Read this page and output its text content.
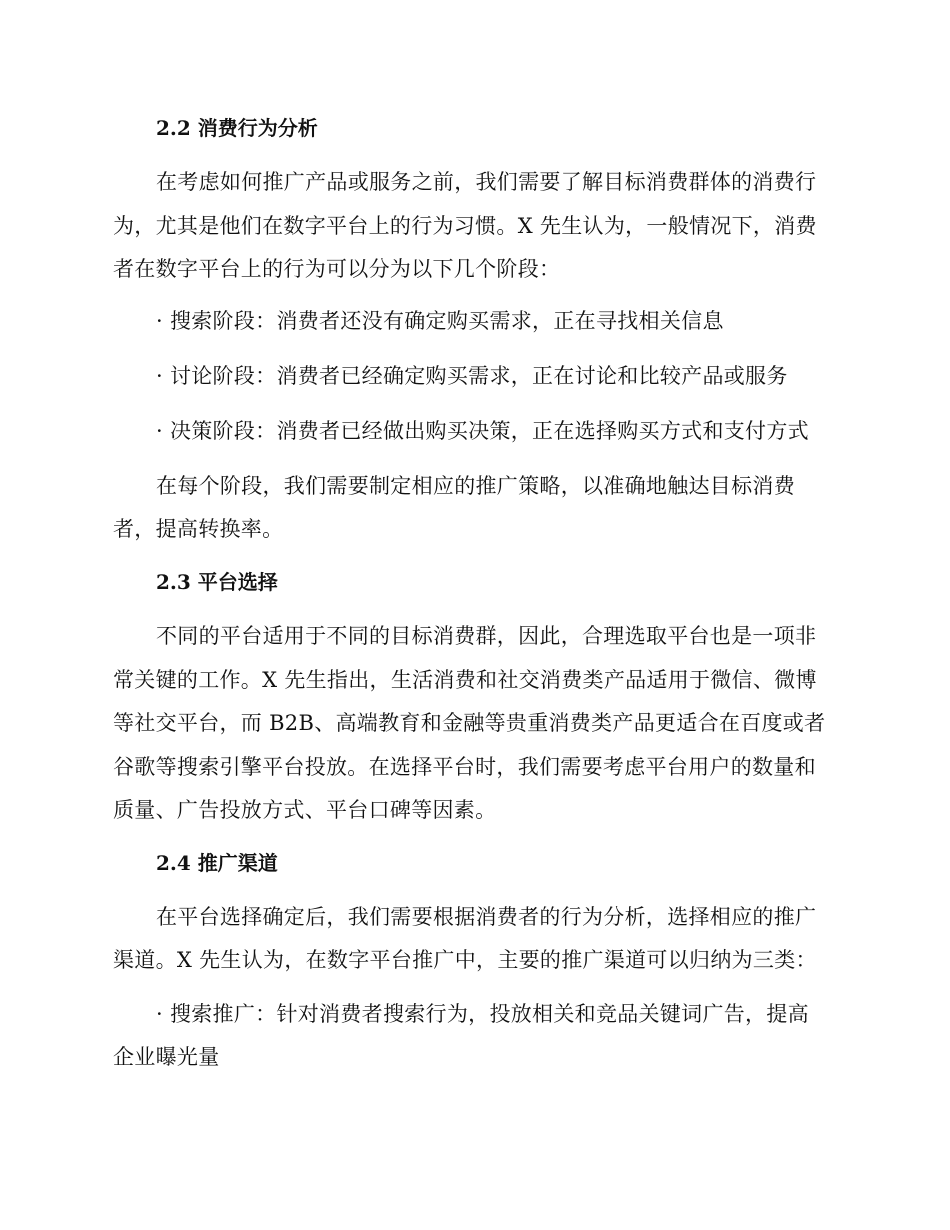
2.2 消费行为分析
在考虑如何推广产品或服务之前，我们需要了解目标消费群体的消费行
为，尤其是他们在数字平台上的行为习惯。X 先生认为，一般情况下，消费
者在数字平台上的行为可以分为以下几个阶段：
· 搜索阶段：消费者还没有确定购买需求，正在寻找相关信息
· 讨论阶段：消费者已经确定购买需求，正在讨论和比较产品或服务
· 决策阶段：消费者已经做出购买决策，正在选择购买方式和支付方式
在每个阶段，我们需要制定相应的推广策略，以准确地触达目标消费
者，提高转换率。
2.3 平台选择
不同的平台适用于不同的目标消费群，因此，合理选取平台也是一项非
常关键的工作。X 先生指出，生活消费和社交消费类产品适用于微信、微博
等社交平台，而 B2B、高端教育和金融等贵重消费类产品更适合在百度或者
谷歌等搜索引擎平台投放。在选择平台时，我们需要考虑平台用户的数量和
质量、广告投放方式、平台口碑等因素。
2.4 推广渠道
在平台选择确定后，我们需要根据消费者的行为分析，选择相应的推广
渠道。X 先生认为，在数字平台推广中，主要的推广渠道可以归纳为三类：
· 搜索推广：针对消费者搜索行为，投放相关和竞品关键词广告，提高
企业曝光量
